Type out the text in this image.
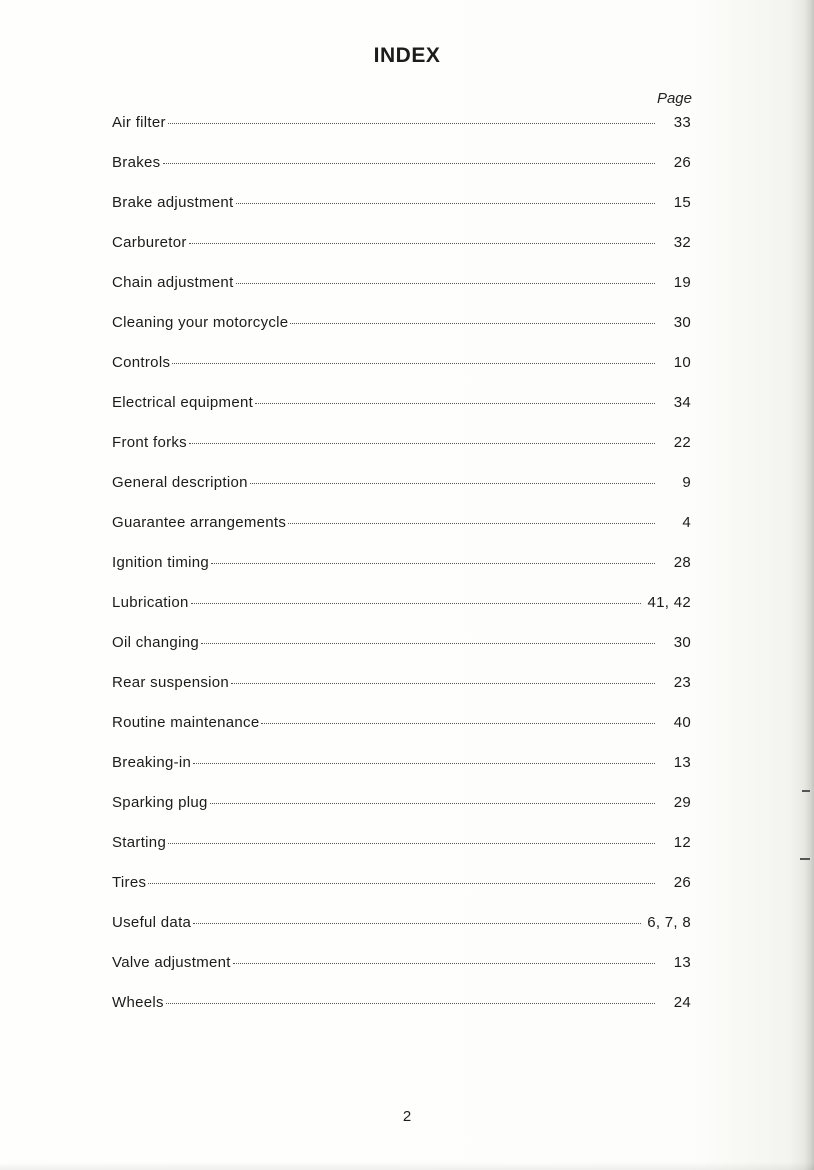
INDEX
Page
Air filter	33
Brakes	26
Brake adjustment	15
Carburetor	32
Chain adjustment	19
Cleaning your motorcycle	30
Controls	10
Electrical equipment	34
Front forks	22
General description	9
Guarantee arrangements	4
Ignition timing	28
Lubrication	41, 42
Oil changing	30
Rear suspension	23
Routine maintenance	40
Breaking-in	13
Sparking plug	29
Starting	12
Tires	26
Useful data	6, 7, 8
Valve adjustment	13
Wheels	24
2
